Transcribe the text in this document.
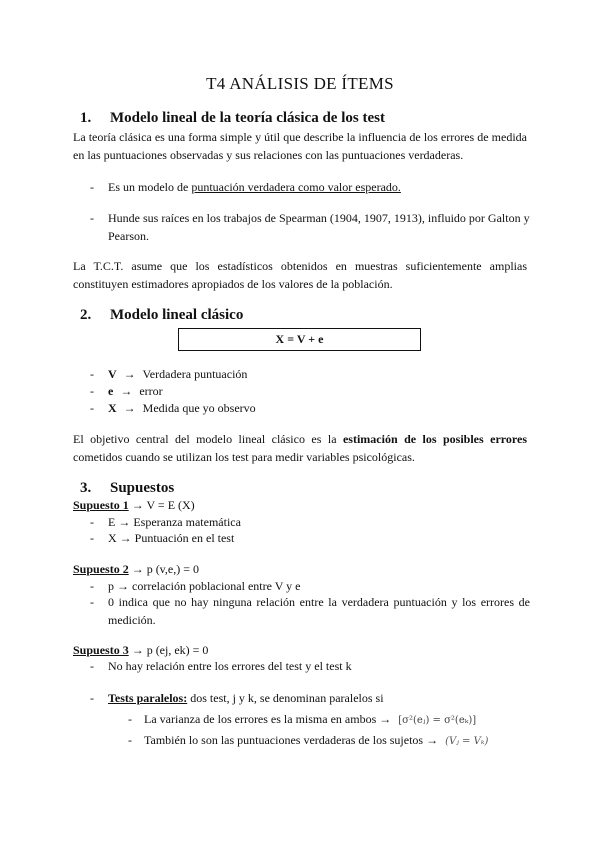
T4 ANÁLISIS DE ÍTEMS
1. Modelo lineal de la teoría clásica de los test
La teoría clásica es una forma simple y útil que describe la influencia de los errores de medida en las puntuaciones observadas y sus relaciones con las puntuaciones verdaderas.
- Es un modelo de puntuación verdadera como valor esperado.
- Hunde sus raíces en los trabajos de Spearman (1904, 1907, 1913), influido por Galton y Pearson.
La T.C.T. asume que los estadísticos obtenidos en muestras suficientemente amplias constituyen estimadores apropiados de los valores de la población.
2. Modelo lineal clásico
X = V + e
- V → Verdadera puntuación
- e → error
- X → Medida que yo observo
El objetivo central del modelo lineal clásico es la estimación de los posibles errores cometidos cuando se utilizan los test para medir variables psicológicas.
3. Supuestos
Supuesto 1 → V = E (X)
- E → Esperanza matemática
- X → Puntuación en el test
Supuesto 2 → p (v,e,) = 0
- p → correlación poblacional entre V y e
- 0 indica que no hay ninguna relación entre la verdadera puntuación y los errores de medición.
Supuesto 3 → p (ej, ek) = 0
- No hay relación entre los errores del test y el test k
- Tests paralelos: dos test, j y k, se denominan paralelos si
- La varianza de los errores es la misma en ambos → [σ²(eⱼ) = σ²(eₖ)]
- También lo son las puntuaciones verdaderas de los sujetos → (Vⱼ = Vₖ)
